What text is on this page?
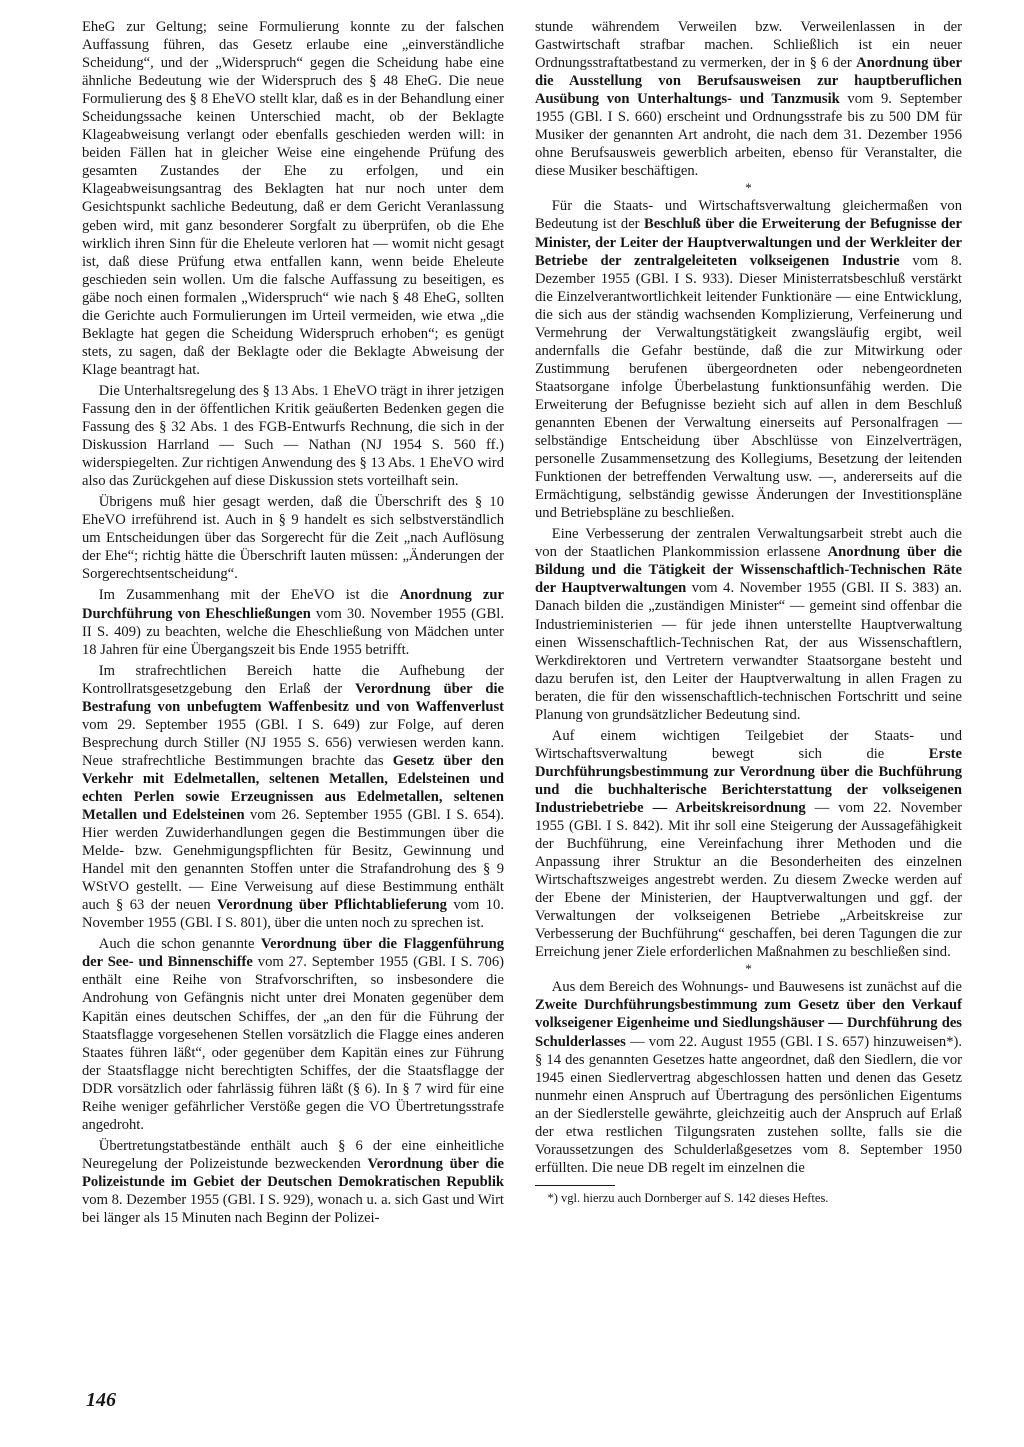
EheG zur Geltung; seine Formulierung konnte zu der falschen Auffassung führen, das Gesetz erlaube eine „einverständliche Scheidung“, und der „Widerspruch“ gegen die Scheidung habe eine ähnliche Bedeutung wie der Widerspruch des § 48 EheG. Die neue Formulierung des § 8 EheVO stellt klar, daß es in der Behandlung einer Scheidungssache keinen Unterschied macht, ob der Beklagte Klageabweisung verlangt oder ebenfalls geschieden werden will: in beiden Fällen hat in gleicher Weise eine eingehende Prüfung des gesamten Zustandes der Ehe zu erfolgen, und ein Klageabweisungsantrag des Beklagten hat nur noch unter dem Gesichtspunkt sachliche Bedeutung, daß er dem Gericht Veranlassung geben wird, mit ganz besonderer Sorgfalt zu überprüfen, ob die Ehe wirklich ihren Sinn für die Eheleute verloren hat — womit nicht gesagt ist, daß diese Prüfung etwa entfallen kann, wenn beide Eheleute geschieden sein wollen. Um die falsche Auffassung zu beseitigen, es gäbe noch einen formalen „Widerspruch“ wie nach § 48 EheG, sollten die Gerichte auch Formulierungen im Urteil vermeiden, wie etwa „die Beklagte hat gegen die Scheidung Widerspruch erhoben“; es genügt stets, zu sagen, daß der Beklagte oder die Beklagte Abweisung der Klage beantragt hat.

Die Unterhaltsregelung des § 13 Abs. 1 EheVO trägt in ihrer jetzigen Fassung den in der öffentlichen Kritik geäußerten Bedenken gegen die Fassung des § 32 Abs. 1 des FGB-Entwurfs Rechnung, die sich in der Diskussion Harrland — Such — Nathan (NJ 1954 S. 560 ff.) widerspiegelten. Zur richtigen Anwendung des § 13 Abs. 1 EheVO wird also das Zurückgehen auf diese Diskussion stets vorteilhaft sein.

Übrigens muß hier gesagt werden, daß die Überschrift des § 10 EheVO irreführend ist. Auch in § 9 handelt es sich selbstverständlich um Entscheidungen über das Sorgerecht für die Zeit „nach Auflösung der Ehe“; richtig hätte die Überschrift lauten müssen: „Änderungen der Sorgerechtsentscheidung“.

Im Zusammenhang mit der EheVO ist die Anordnung zur Durchführung von Eheschließungen vom 30. November 1955 (GBl. II S. 409) zu beachten, welche die Eheschließung von Mädchen unter 18 Jahren für eine Übergangszeit bis Ende 1955 betrifft.

Im strafrechtlichen Bereich hatte die Aufhebung der Kontrollratsgesetzgebung den Erlaß der Verordnung über die Bestrafung von unbefugtem Waffenbesitz und von Waffenverlust vom 29. September 1955 (GBl. I S. 649) zur Folge, auf deren Besprechung durch Stiller (NJ 1955 S. 656) verwiesen werden kann. Neue strafrechtliche Bestimmungen brachte das Gesetz über den Verkehr mit Edelmetallen, seltenen Metallen, Edelsteinen und echten Perlen sowie Erzeugnissen aus Edelmetallen, seltenen Metallen und Edelsteinen vom 26. September 1955 (GBl. I S. 654). Hier werden Zuwiderhandlungen gegen die Bestimmungen über die Melde- bzw. Genehmigungspflichten für Besitz, Gewinnung und Handel mit den genannten Stoffen unter die Strafandrohung des § 9 WStVO gestellt. — Eine Verweisung auf diese Bestimmung enthält auch § 63 der neuen Verordnung über Pflichtablieferung vom 10. November 1955 (GBl. I S. 801), über die unten noch zu sprechen ist.

Auch die schon genannte Verordnung über die Flaggenführung der See- und Binnenschiffe vom 27. September 1955 (GBl. I S. 706) enthält eine Reihe von Strafvorschriften, so insbesondere die Androhung von Gefängnis nicht unter drei Monaten gegenüber dem Kapitän eines deutschen Schiffes, der „an den für die Führung der Staatsflagge vorgesehenen Stellen vorsätzlich die Flagge eines anderen Staates führen läßt“, oder gegenüber dem Kapitän eines zur Führung der Staatsflagge nicht berechtigten Schiffes, der die Staatsflagge der DDR vorsätzlich oder fahrlässig führen läßt (§ 6). In § 7 wird für eine Reihe weniger gefährlicher Verstöße gegen die VO Übertretungsstrafe angedroht.

Übertretungstatbestände enthält auch § 6 der eine einheitliche Neuregelung der Polizeistunde bezweckenden Verordnung über die Polizeistunde im Gebiet der Deutschen Demokratischen Republik vom 8. Dezember 1955 (GBl. I S. 929), wonach u. a. sich Gast und Wirt bei länger als 15 Minuten nach Beginn der Polizei-

stunde währendem Verweilen bzw. Verweilenlassen in der Gastwirtschaft strafbar machen. Schließlich ist ein neuer Ordnungsstraftatbestand zu vermerken, der in § 6 der Anordnung über die Ausstellung von Berufsausweisen zur hauptberuflichen Ausübung von Unterhaltungs- und Tanzmusik vom 9. September 1955 (GBl. I S. 660) erscheint und Ordnungsstrafe bis zu 500 DM für Musiker der genannten Art androht, die nach dem 31. Dezember 1956 ohne Berufsausweis gewerblich arbeiten, ebenso für Veranstalter, die diese Musiker beschäftigen.

*

Für die Staats- und Wirtschaftsverwaltung gleichermaßen von Bedeutung ist der Beschluß über die Erweiterung der Befugnisse der Minister, der Leiter der Hauptverwaltungen und der Werkleiter der Betriebe der zentralgeleiteten volkseigenen Industrie vom 8. Dezember 1955 (GBl. I S. 933). Dieser Ministerratsbeschluß verstärkt die Einzelverantwortlichkeit leitender Funktionäre — eine Entwicklung, die sich aus der ständig wachsenden Komplizierung, Verfeinerung und Vermehrung der Verwaltungstätigkeit zwangsläufig ergibt, weil andernfalls die Gefahr bestünde, daß die zur Mitwirkung oder Zustimmung berufenen übergeordneten oder nebengeordneten Staatsorgane infolge Überbelastung funktionsunfähig werden. Die Erweiterung der Befugnisse bezieht sich auf allen in dem Beschluß genannten Ebenen der Verwaltung einerseits auf Personalfragen — selbständige Entscheidung über Abschlüsse von Einzelverträgen, personelle Zusammensetzung des Kollegiums, Besetzung der leitenden Funktionen der betreffenden Verwaltung usw. —, andererseits auf die Ermächtigung, selbständig gewisse Änderungen der Investitionspläne und Betriebspläne zu beschließen.

Eine Verbesserung der zentralen Verwaltungsarbeit strebt auch die von der Staatlichen Plankommission erlassene Anordnung über die Bildung und die Tätigkeit der Wissenschaftlich-Technischen Räte der Hauptverwaltungen vom 4. November 1955 (GBl. II S. 383) an. Danach bilden die „zuständigen Minister“ — gemeint sind offenbar die Industrieministerien — für jede ihnen unterstellte Hauptverwaltung einen Wissenschaftlich-Technischen Rat, der aus Wissenschaftlern, Werkdirektoren und Vertretern verwandter Staatsorgane besteht und dazu berufen ist, den Leiter der Hauptverwaltung in allen Fragen zu beraten, die für den wissenschaftlich-technischen Fortschritt und seine Planung von grundsätzlicher Bedeutung sind.

Auf einem wichtigen Teilgebiet der Staats- und Wirtschaftsverwaltung bewegt sich die Erste Durchführungsbestimmung zur Verordnung über die Buchführung und die buchhalterische Berichterstattung der volkseigenen Industriebetriebe — Arbeitskreisordnung — vom 22. November 1955 (GBl. I S. 842). Mit ihr soll eine Steigerung der Aussagefähigkeit der Buchführung, eine Vereinfachung ihrer Methoden und die Anpassung ihrer Struktur an die Besonderheiten des einzelnen Wirtschaftszweiges angestrebt werden. Zu diesem Zwecke werden auf der Ebene der Ministerien, der Hauptverwaltungen und ggf. der Verwaltungen der volkseigenen Betriebe „Arbeitskreise zur Verbesserung der Buchführung“ geschaffen, bei deren Tagungen die zur Erreichung jener Ziele erforderlichen Maßnahmen zu beschließen sind.

*

Aus dem Bereich des Wohnungs- und Bauwesens ist zunächst auf die Zweite Durchführungsbestimmung zum Gesetz über den Verkauf volkseigener Eigenheime und Siedlungshäuser — Durchführung des Schulderlasses — vom 22. August 1955 (GBl. I S. 657) hinzuweisen*). § 14 des genannten Gesetzes hatte angeordnet, daß den Siedlern, die vor 1945 einen Siedlervertrag abgeschlossen hatten und denen das Gesetz nunmehr einen Anspruch auf Übertragung des persönlichen Eigentums an der Siedlerstelle gewährte, gleichzeitig auch der Anspruch auf Erlaß der etwa restlichen Tilgungsraten zustehen sollte, falls sie die Voraussetzungen des Schulderlaßgesetzes vom 8. September 1950 erfüllten. Die neue DB regelt im einzelnen die

*) vgl. hierzu auch Dornberger auf S. 142 dieses Heftes.
146
